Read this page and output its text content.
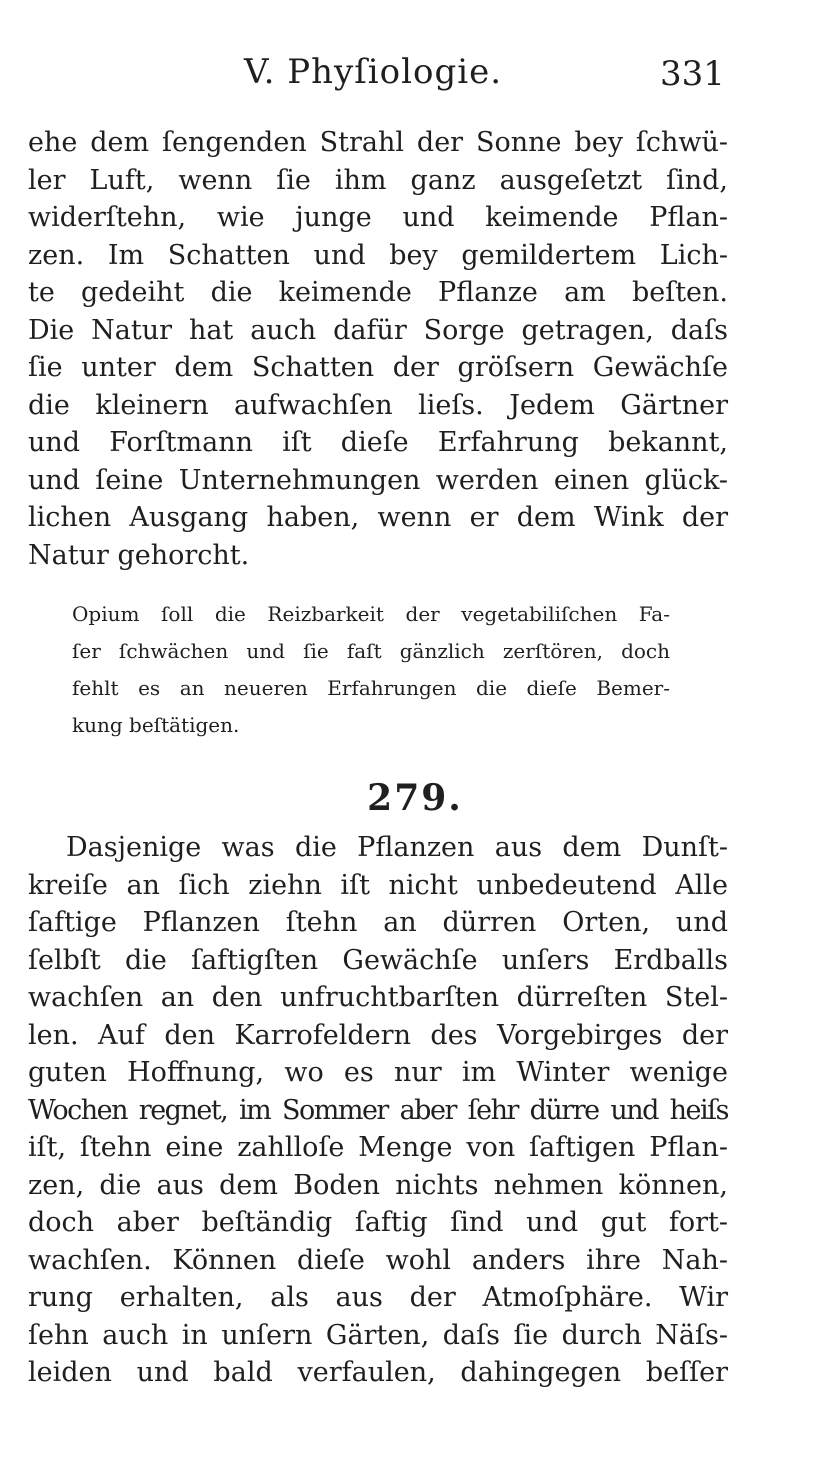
V. Phyſiologie.	331
ehe dem ſengenden Strahl der Sonne bey ſchwü-
ler Luft, wenn ſie ihm ganz ausgeſetzt ſind,
widerſtehn, wie junge und keimende Pflan-
zen. Im Schatten und bey gemildertem Lich-
te gedeiht die keimende Pflanze am beſten.
Die Natur hat auch dafür Sorge getragen, daſs
ſie unter dem Schatten der gröſsern Gewächſe
die kleinern aufwachſen lieſs. Jedem Gärtner
und Forſtmann iſt dieſe Erfahrung bekannt,
und ſeine Unternehmungen werden einen glück-
lichen Ausgang haben, wenn er dem Wink der
Natur gehorcht.
Opium ſoll die Reizbarkeit der vegetabiliſchen Fa-
ſer ſchwächen und ſie faſt gänzlich zerſtören, doch
fehlt es an neueren Erfahrungen die dieſe Bemer-
kung beſtätigen.
279.
Dasjenige was die Pflanzen aus dem Dunſt-
kreiſe an ſich ziehn iſt nicht unbedeutend Alle
ſaftige Pflanzen ſtehn an dürren Orten, und
ſelbſt die ſaftigſten Gewächſe unſers Erdballs
wachſen an den unfruchtbarſten dürreſten Stel-
len. Auf den Karrofeldern des Vorgebirges der
guten Hoffnung, wo es nur im Winter wenige
Wochen regnet, im Sommer aber ſehr dürre und heiſs
iſt, ſtehn eine zahlloſe Menge von ſaftigen Pflan-
zen, die aus dem Boden nichts nehmen können,
doch aber beſtändig ſaftig ſind und gut fort-
wachſen. Können dieſe wohl anders ihre Nah-
rung erhalten, als aus der Atmoſphäre. Wir
ſehn auch in unſern Gärten, daſs ſie durch Näſs-
leiden und bald verfaulen, dahingegen beſſer
